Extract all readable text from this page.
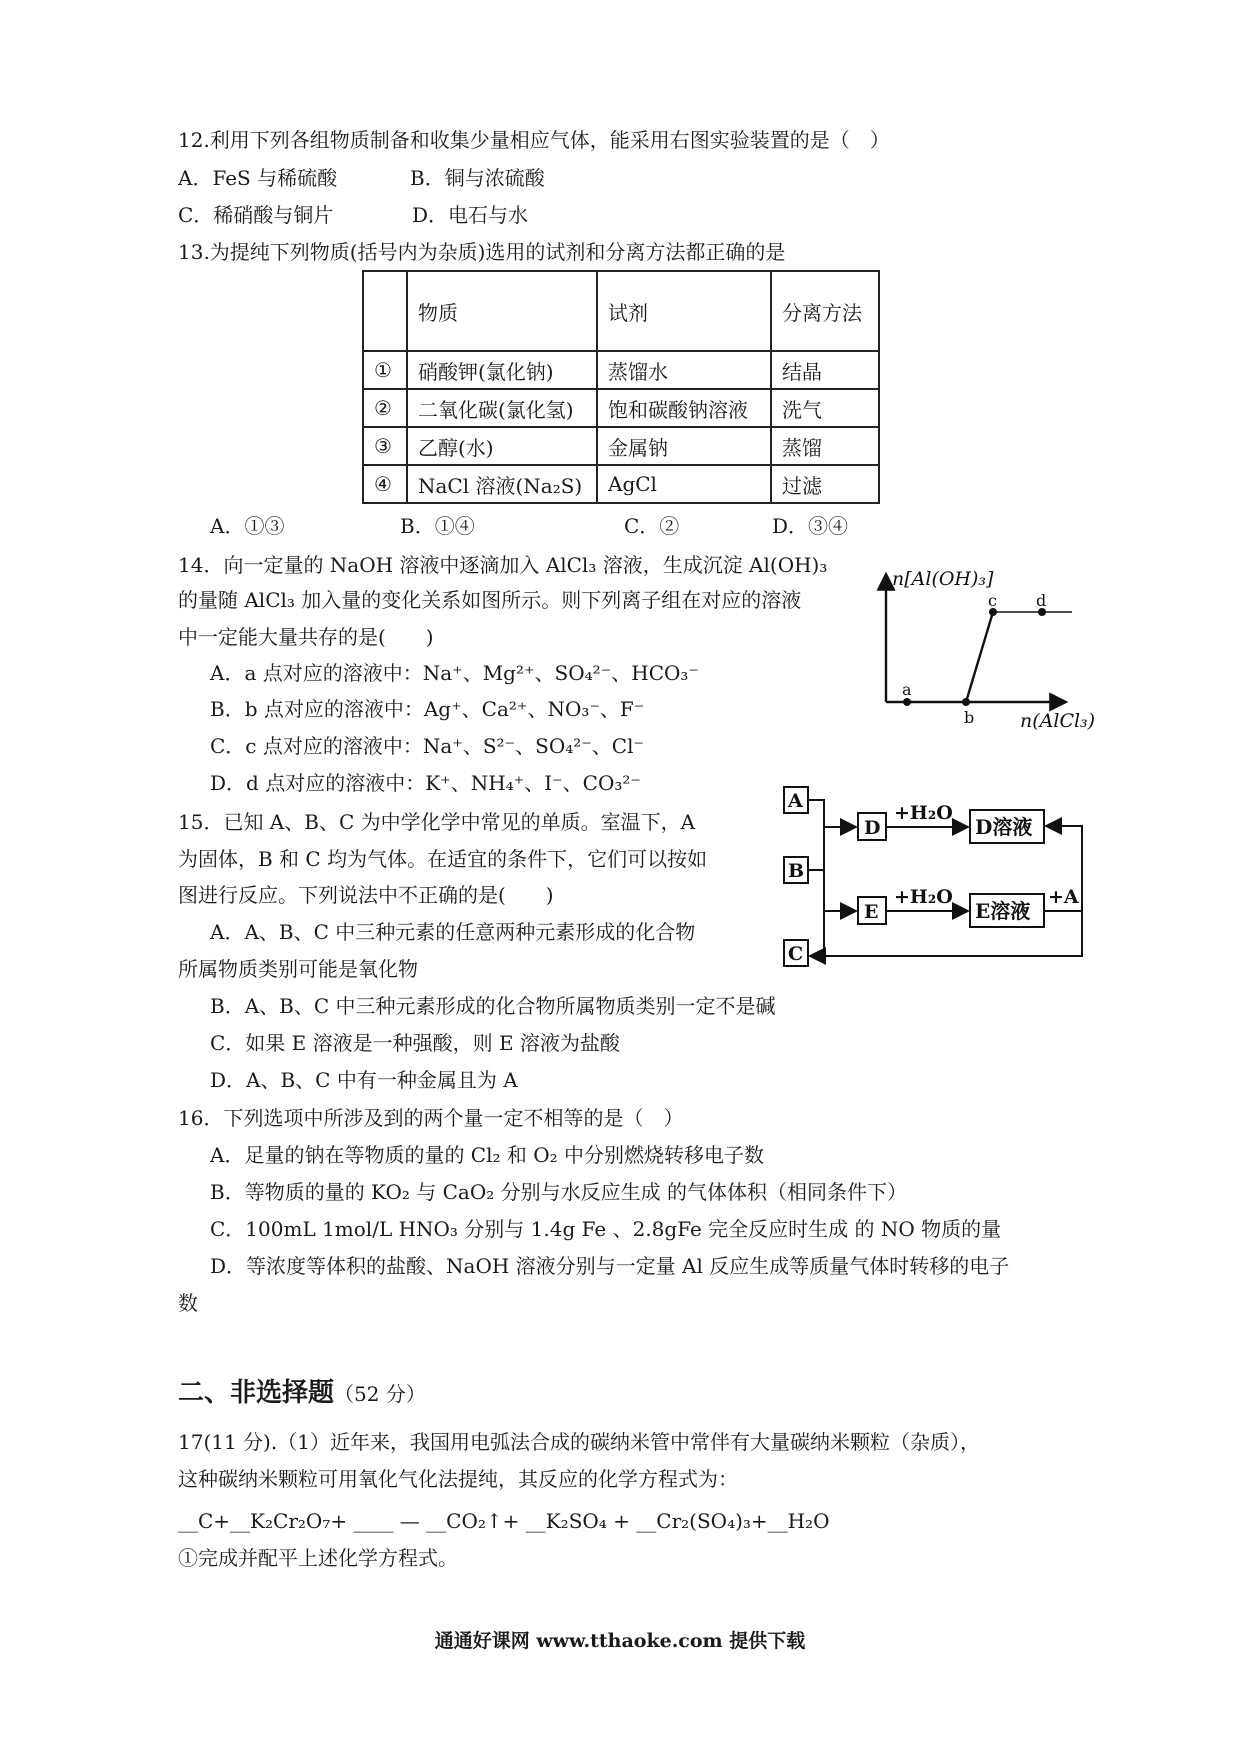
12.利用下列各组物质制备和收集少量相应气体，能采用右图实验装置的是（　）
A．FeS 与稀硫酸	B．铜与浓硫酸
C．稀硝酸与铜片	D．电石与水
13.为提纯下列物质(括号内为杂质)选用的试剂和分离方法都正确的是
	物质	试剂	分离方法
①	硝酸钾(氯化钠)	蒸馏水	结晶
②	二氧化碳(氯化氢)	饱和碳酸钠溶液	洗气
③	乙醇(水)	金属钠	蒸馏
④	NaCl 溶液(Na₂S)	AgCl	过滤
A．①③	B．①④	C．②	D．③④
14．向一定量的 NaOH 溶液中逐滴加入 AlCl₃ 溶液，生成沉淀 Al(OH)₃
的量随 AlCl₃ 加入量的变化关系如图所示。则下列离子组在对应的溶液
中一定能大量共存的是(　　)
A．a 点对应的溶液中：Na⁺、Mg²⁺、SO₄²⁻、HCO₃⁻
B．b 点对应的溶液中：Ag⁺、Ca²⁺、NO₃⁻、F⁻
C．c 点对应的溶液中：Na⁺、S²⁻、SO₄²⁻、Cl⁻
D．d 点对应的溶液中：K⁺、NH₄⁺、I⁻、CO₃²⁻
n[Al(OH)₃]
n(AlCl₃)
a
b
c d
15．已知 A、B、C 为中学化学中常见的单质。室温下，A
为固体，B 和 C 均为气体。在适宜的条件下，它们可以按如
图进行反应。下列说法中不正确的是(　　)
A．A、B、C 中三种元素的任意两种元素形成的化合物
所属物质类别可能是氧化物
B．A、B、C 中三种元素形成的化合物所属物质类别一定不是碱
C．如果 E 溶液是一种强酸，则 E 溶液为盐酸
D．A、B、C 中有一种金属且为 A
A
B
C
D
E
+H₂O
+H₂O
D溶液
E溶液
+A
16．下列选项中所涉及到的两个量一定不相等的是（　）
A．足量的钠在等物质的量的 Cl₂ 和 O₂ 中分别燃烧转移电子数
B．等物质的量的 KO₂ 与 CaO₂ 分别与水反应生成 的气体体积（相同条件下）
C．100mL 1mol/L HNO₃ 分别与 1.4g Fe 、2.8gFe 完全反应时生成 的 NO 物质的量
D．等浓度等体积的盐酸、NaOH 溶液分别与一定量 Al 反应生成等质量气体时转移的电子
数
二、非选择题（52 分）
17(11 分).（1）近年来，我国用电弧法合成的碳纳米管中常伴有大量碳纳米颗粒（杂质），
这种碳纳米颗粒可用氧化气化法提纯，其反应的化学方程式为：
__C+__K₂Cr₂O₇+ ____ — __CO₂↑+ __K₂SO₄ + __Cr₂(SO₄)₃+__H₂O
①完成并配平上述化学方程式。
通通好课网 www.tthaoke.com 提供下载
